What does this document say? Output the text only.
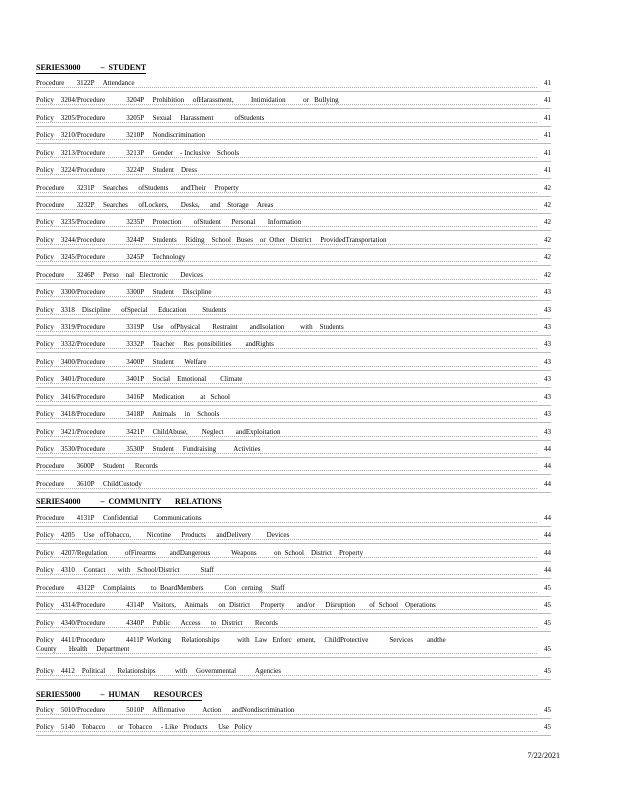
SERIES3000          –  STUDENT
Procedure       3122P     Attendance	41
Policy    3204/Procedure            3204P     Prohibition     ofHarassment,          Intimidation          or   Bullying	41
Policy    3205/Procedure            3205P     Sexual     Harassment            ofStudents	41
Policy    3210/Procedure            3210P     Nondiscrimination	41
Policy    3213/Procedure            3213P     Gender    - Inclusive    Schools	41
Policy    3224/Procedure            3224P     Student    Dress	41
Procedure       3231P     Searches      ofStudents       andTheir     Property	42
Procedure       3232P     Searches      ofLockers,       Desks,      and    Storage     Areas	42
Policy    3235/Procedure            3235P     Protection       ofStudent      Personal       Information	42
Policy    3244/Procedure            3244P     Students     Riding    School   Buses    or  Other   District     ProvidedTransportation	42
Policy    3245/Procedure            3245P     Technology	42
Procedure       3246P     Perso    nal   Electronic       Devices	42
Policy    3300/Procedure            3300P     Student     Discipline	43
Policy    3318    Discipline      ofSpecial      Education         Students	43
Policy    3319/Procedure            3319P     Use    ofPhysical       Restraint       andIsolation         with    Students	43
Policy    3332/Procedure            3332P     Teacher     Res  ponsibilities        andRights	43
Policy    3400/Procedure            3400P     Student      Welfare	43
Policy    3401/Procedure            3401P     Social    Emotional        Climate	43
Policy    3416/Procedure            3416P     Medication         at   School	43
Policy    3418/Procedure            3418P     Animals     in    Schools	43
Policy    3421/Procedure            3421P     ChildAbuse,        Neglect       andExploitation	43
Policy    3530/Procedure            3530P     Student     Fundraising          Activities	44
Procedure       3600P     Student      Records	44
Procedure       3610P     ChildCustody	44
SERIES4000          –  COMMUNITY       RELATIONS
Procedure       4131P     Confidential         Communications	44
Policy    4205     Use   ofTobacco,         Nicotine      Products      andDelivery         Devices	44
Policy    4207/Regulation          ofFirearms        andDangerous            Weapons          on  School    District    Property	44
Policy    4310     Contact       with    School/District            Staff	44
Procedure       4312P     Complaints         to  BoardMembers            Con   cerning     Staff	45
Policy    4314/Procedure            4314P     Visitors,     Animals      on  District      Property       and/or      Disruption        of  School    Operations	45
Policy    4340/Procedure            4340P     Public      Access      to   District       Records	45
Policy    4411/Procedure            4411P  Working      Relationships          with   Law   Enforc   ement,     ChildProtective            Services        andthe
County       Health     Department	45
Policy    4412    Political       Relationships           with     Governmental           Agencies	45
SERIES5000          –  HUMAN       RESOURCES
Policy    5010/Procedure            5010P     Affirmative          Action      andNondiscrimination	45
Policy    5140    Tobacco       or   Tobacco     - Like   Products      Use   Policy	45
7/22/2021
